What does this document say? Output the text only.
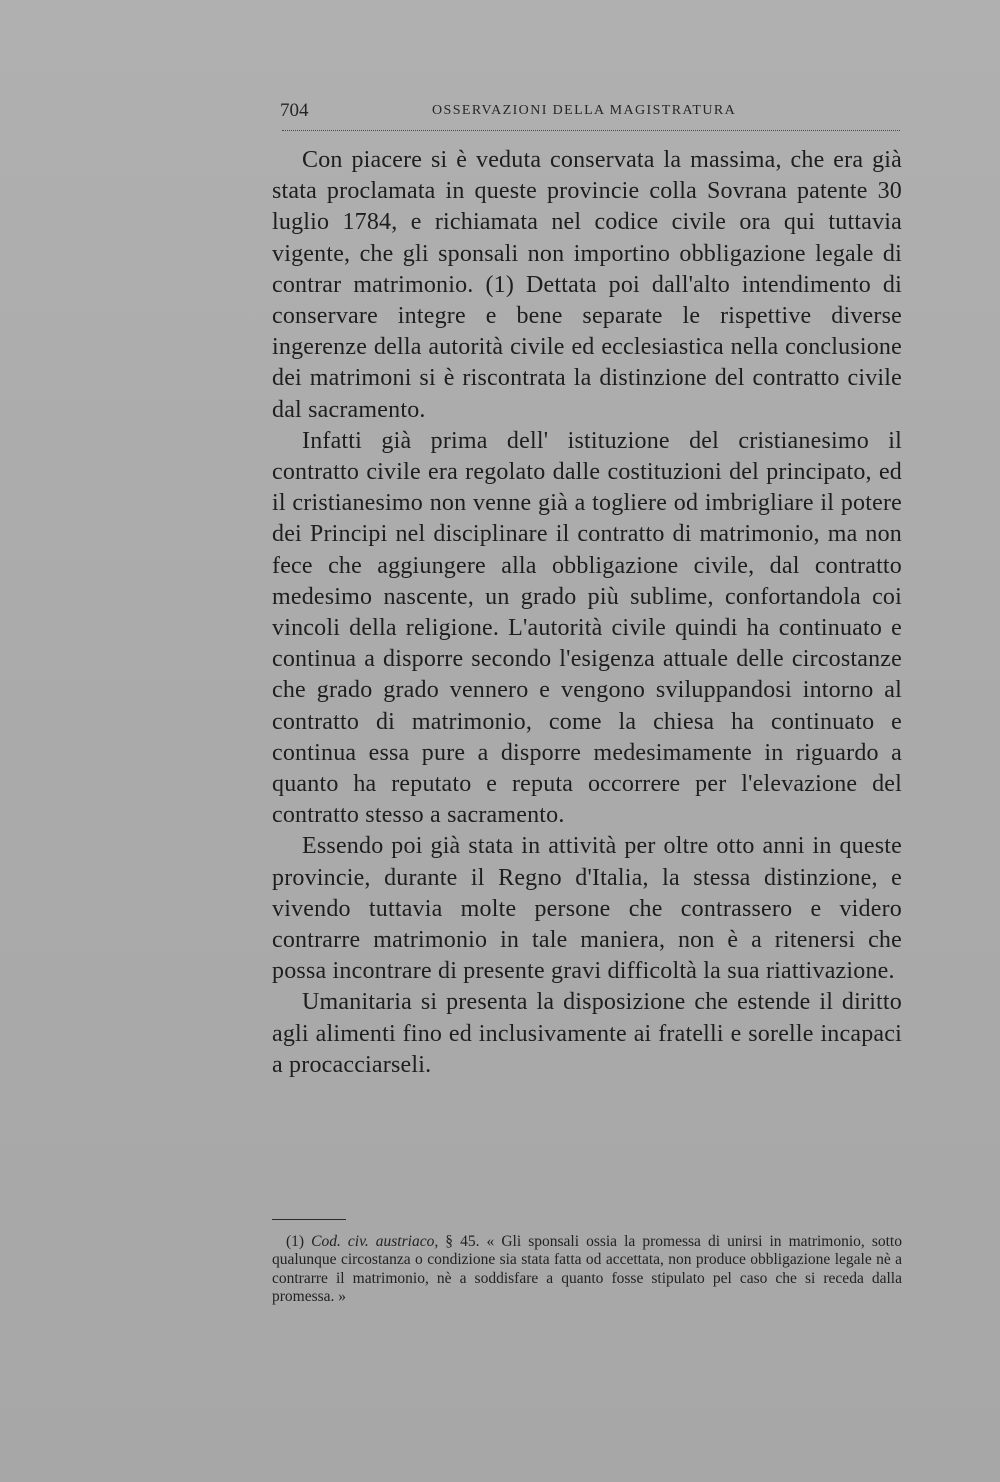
704	OSSERVAZIONI DELLA MAGISTRATURA

Con piacere si è veduta conservata la massima, che era già stata proclamata in queste provincie colla Sovrana patente 30 luglio 1784, e richiamata nel codice civile ora qui tuttavia vigente, che gli sponsali non importino obbligazione legale di contrar matrimonio. (1) Dettata poi dall'alto intendimento di conservare integre e bene separate le rispettive diverse ingerenze della autorità civile ed ecclesiastica nella conclusione dei matrimoni si è riscontrata la distinzione del contratto civile dal sacramento.

Infatti già prima dell' istituzione del cristianesimo il contratto civile era regolato dalle costituzioni del principato, ed il cristianesimo non venne già a togliere od imbrigliare il potere dei Principi nel disciplinare il contratto di matrimonio, ma non fece che aggiungere alla obbligazione civile, dal contratto medesimo nascente, un grado più sublime, confortandola coi vincoli della religione. L'autorità civile quindi ha continuato e continua a disporre secondo l'esigenza attuale delle circostanze che grado grado vennero e vengono sviluppandosi intorno al contratto di matrimonio, come la chiesa ha continuato e continua essa pure a disporre medesimamente in riguardo a quanto ha reputato e reputa occorrere per l'elevazione del contratto stesso a sacramento.

Essendo poi già stata in attività per oltre otto anni in queste provincie, durante il Regno d'Italia, la stessa distinzione, e vivendo tuttavia molte persone che contrassero e videro contrarre matrimonio in tale maniera, non è a ritenersi che possa incontrare di presente gravi difficoltà la sua riattivazione.

Umanitaria si presenta la disposizione che estende il diritto agli alimenti fino ed inclusivamente ai fratelli e sorelle incapaci a procacciarseli.

(1) Cod. civ. austriaco, § 45. « Gli sponsali ossia la promessa di unirsi in matrimonio, sotto qualunque circostanza o condizione sia stata fatta od accettata, non produce obbligazione legale nè a contrarre il matrimonio, nè a soddisfare a quanto fosse stipulato pel caso che si receda dalla promessa. »
